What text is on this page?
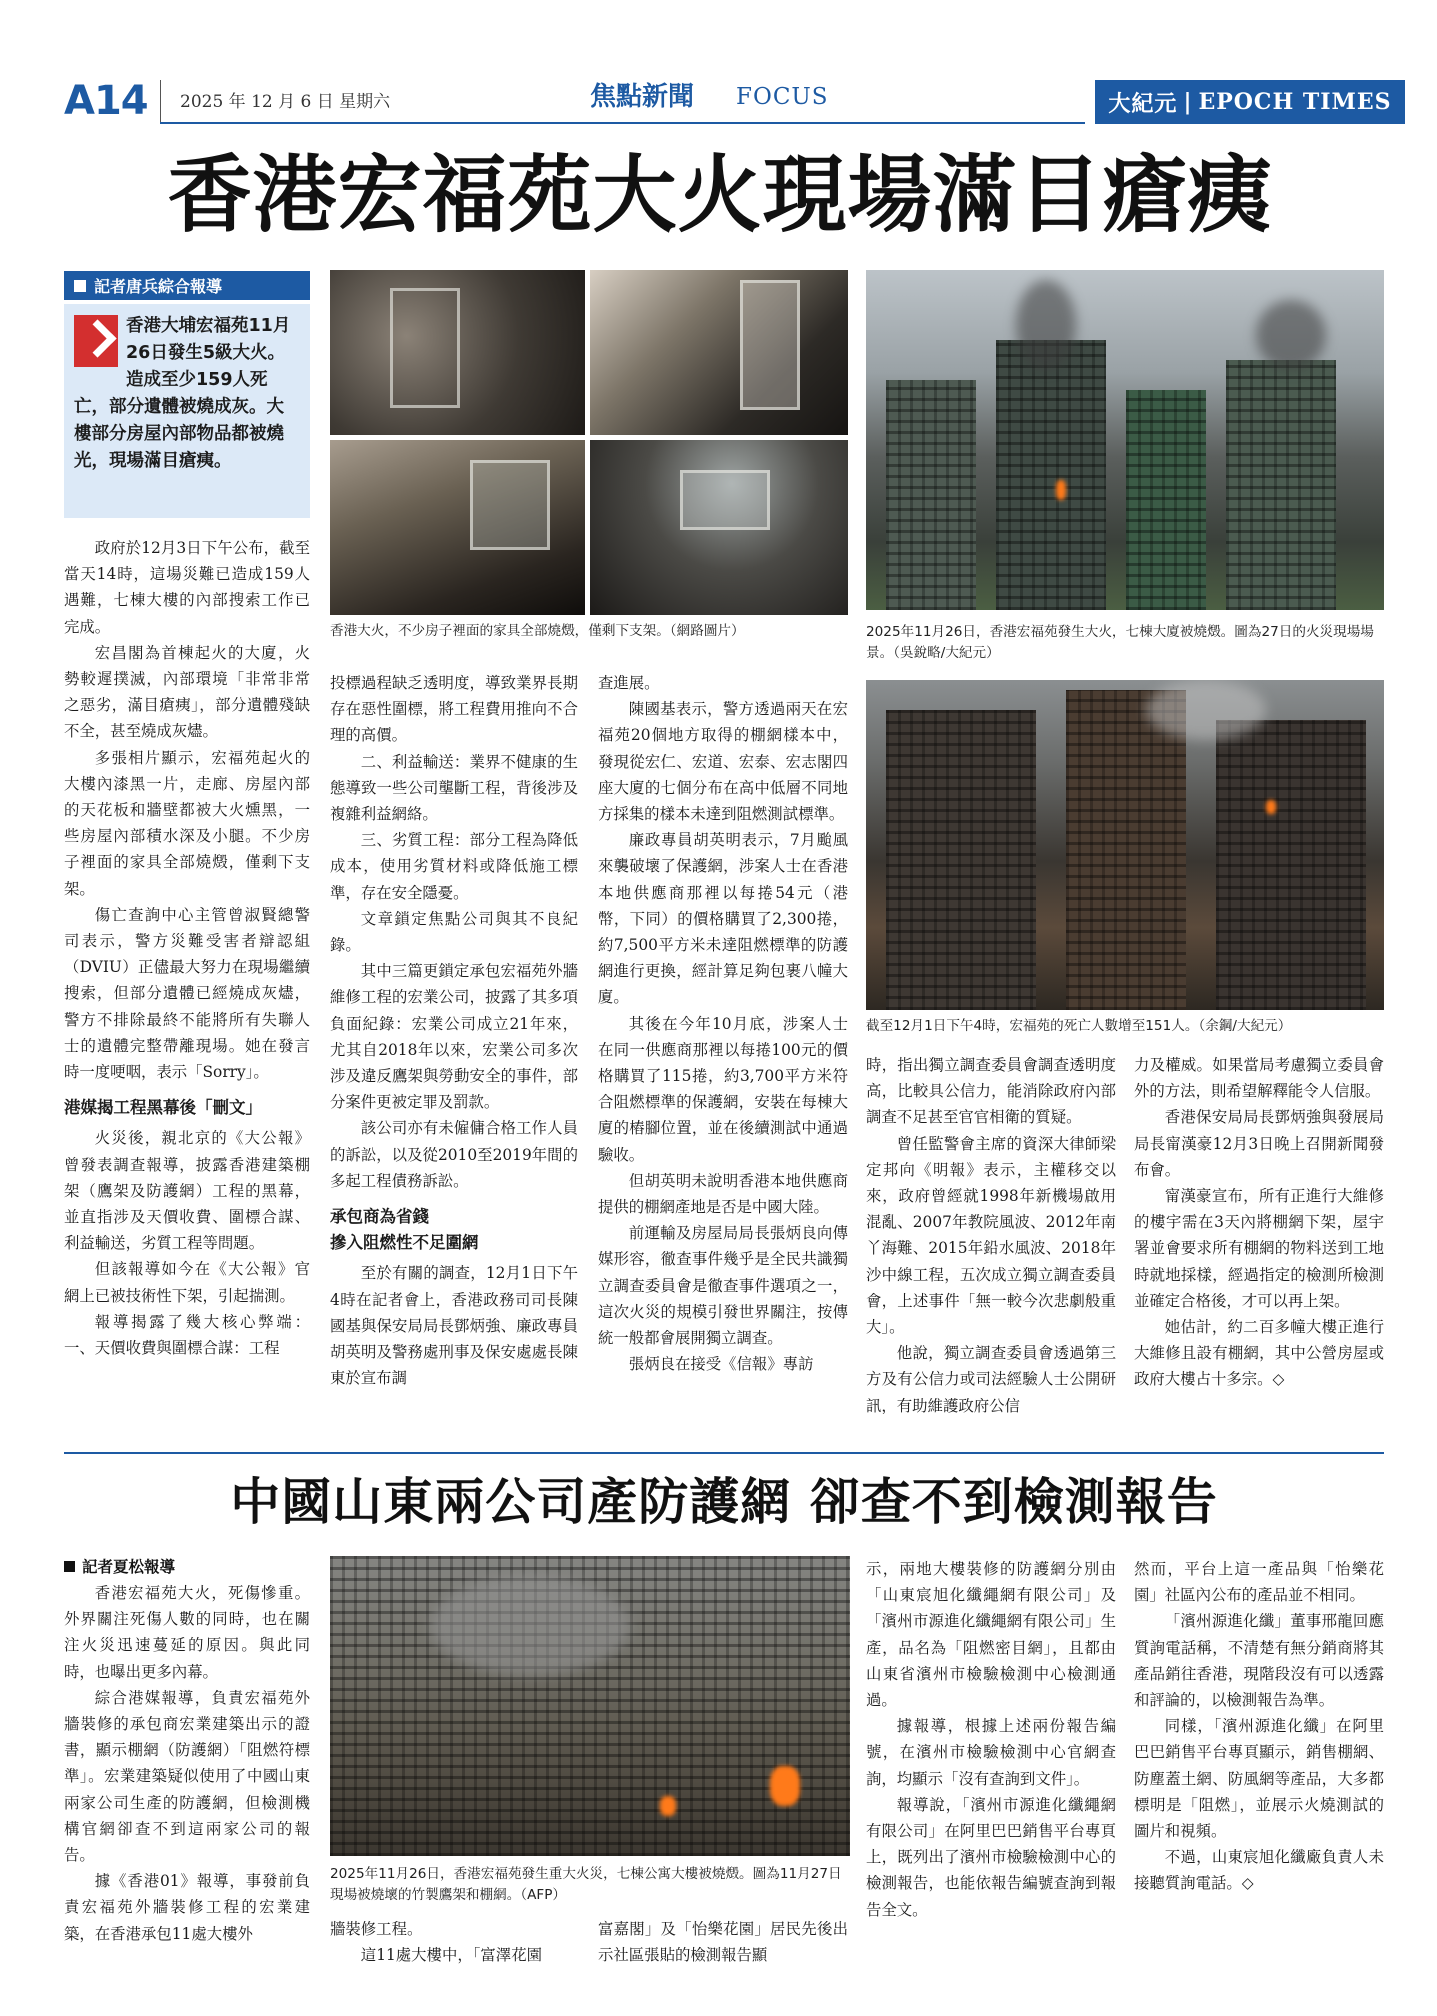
A14 2025 年 12 月 6 日 星期六	焦點新聞 FOCUS	大紀元 | EPOCH TIMES
香港宏福苑大火現場滿目瘡痍
記者唐兵綜合報導
香港大埔宏福苑11月26日發生5級大火。造成至少159人死亡，部分遺體被燒成灰。大樓部分房屋內部物品都被燒光，現場滿目瘡痍。

政府於12月3日下午公布，截至當天14時，這場災難已造成159人遇難，七棟大樓的內部搜索工作已完成。

宏昌閣為首棟起火的大廈，火勢較遲撲滅，內部環境「非常非常之惡劣，滿目瘡痍」，部分遺體殘缺不全，甚至燒成灰燼。

多張相片顯示，宏福苑起火的大樓內漆黑一片，走廊、房屋內部的天花板和牆壁都被大火燻黑，一些房屋內部積水深及小腿。不少房子裡面的家具全部燒燬，僅剩下支架。

傷亡查詢中心主管曾淑賢總警司表示，警方災難受害者辯認組（DVIU）正儘最大努力在現場繼續搜索，但部分遺體已經燒成灰燼，警方不排除最終不能將所有失聯人士的遺體完整帶離現場。她在發言時一度哽咽，表示「Sorry」。

港媒揭工程黑幕後「刪文」

火災後，親北京的《大公報》曾發表調查報導，披露香港建築棚架（鷹架及防護網）工程的黑幕，並直指涉及天價收費、圍標合謀、利益輸送，劣質工程等問題。

但該報導如今在《大公報》官網上已被技術性下架，引起揣測。

報導揭露了幾大核心弊端：一、天價收費與圍標合謀：工程

香港大火，不少房子裡面的家具全部燒燬，僅剩下支架。（網路圖片）

投標過程缺乏透明度，導致業界長期存在惡性圍標，將工程費用推向不合理的高價。

二、利益輸送：業界不健康的生態導致一些公司壟斷工程，背後涉及複雜利益網絡。

三、劣質工程：部分工程為降低成本，使用劣質材料或降低施工標準，存在安全隱憂。

文章鎖定焦點公司與其不良紀錄。

其中三篇更鎖定承包宏福苑外牆維修工程的宏業公司，披露了其多項負面紀錄：宏業公司成立21年來，尤其自2018年以來，宏業公司多次涉及違反鷹架與勞動安全的事件，部分案件更被定罪及罰款。

該公司亦有未僱傭合格工作人員的訴訟，以及從2010至2019年間的多起工程債務訴訟。

承包商為省錢

摻入阻燃性不足圍網

至於有關的調查，12月1日下午4時在記者會上，香港政務司司長陳國基與保安局局長鄧炳強、廉政專員胡英明及警務處刑事及保安處處長陳東於宣布調

查進展。

陳國基表示，警方透過兩天在宏福苑20個地方取得的棚網樣本中，發現從宏仁、宏道、宏泰、宏志閣四座大廈的七個分布在高中低層不同地方採集的樣本未達到阻燃測試標準。

廉政專員胡英明表示，7月颱風來襲破壞了保護網，涉案人士在香港本地供應商那裡以每捲54元（港幣，下同）的價格購買了2,300捲，約7,500平方米未達阻燃標準的防護網進行更換，經計算足夠包裹八幢大廈。

其後在今年10月底，涉案人士在同一供應商那裡以每捲100元的價格購買了115捲，約3,700平方米符合阻燃標準的保護網，安裝在每棟大廈的樁腳位置，並在後續測試中通過驗收。

但胡英明未說明香港本地供應商提供的棚網產地是否是中國大陸。

前運輸及房屋局局長張炳良向傳媒形容，徹查事件幾乎是全民共識獨立調查委員會是徹查事件選項之一，這次火災的規模引發世界關注，按傳統一般都會展開獨立調查。

張炳良在接受《信報》專訪

2025年11月26日，香港宏福苑發生大火，七棟大廈被燒燬。圖為27日的火災現場場景。（吳銳略/大紀元）
截至12月1日下午4時，宏福苑的死亡人數增至151人。（余鋼/大紀元）

時，指出獨立調查委員會調查透明度高，比較具公信力，能消除政府內部調查不足甚至官官相衛的質疑。

曾任監警會主席的資深大律師梁定邦向《明報》表示，主權移交以來，政府曾經就1998年新機場啟用混亂、2007年教院風波、2012年南丫海難、2015年鉛水風波、2018年沙中線工程，五次成立獨立調查委員會，上述事件「無一較今次悲劇般重大」。

他說，獨立調查委員會透過第三方及有公信力或司法經驗人士公開研訊，有助維護政府公信

力及權威。如果當局考慮獨立委員會外的方法，則希望解釋能令人信服。

香港保安局局長鄧炳強與發展局局長甯漢豪12月3日晚上召開新聞發布會。

甯漢豪宣布，所有正進行大維修的樓宇需在3天內將棚網下架，屋宇署並會要求所有棚網的物料送到工地時就地採樣，經過指定的檢測所檢測並確定合格後，才可以再上架。

她估計，約二百多幢大樓正進行大維修且設有棚網，其中公營房屋或政府大樓占十多宗。◇

中國山東兩公司產防護網 卻查不到檢測報告
記者夏松報導

香港宏福苑大火，死傷慘重。外界關注死傷人數的同時，也在關注火災迅速蔓延的原因。與此同時，也曝出更多內幕。

綜合港媒報導，負責宏福苑外牆裝修的承包商宏業建築出示的證書，顯示棚網（防護網）「阻燃符標準」。宏業建築疑似使用了中國山東兩家公司生產的防護網，但檢測機構官網卻查不到這兩家公司的報告。

據《香港01》報導，事發前負責宏福苑外牆裝修工程的宏業建築，在香港承包11處大樓外

2025年11月26日，香港宏福苑發生重大火災，七棟公寓大樓被燒燬。圖為11月27日現場被燒壞的竹製鷹架和棚網。（AFP）

牆裝修工程。

這11處大樓中，「富澤花園

富嘉閣」及「怡樂花園」居民先後出示社區張貼的檢測報告顯

示，兩地大樓裝修的防護網分別由「山東宸旭化纖繩網有限公司」及「濱州市源進化纖繩網有限公司」生產，品名為「阻燃密目網」，且都由山東省濱州市檢驗檢測中心檢測通過。

據報導，根據上述兩份報告編號，在濱州市檢驗檢測中心官網查詢，均顯示「沒有查詢到文件」。

報導說，「濱州市源進化纖繩網有限公司」在阿里巴巴銷售平台專頁上，既列出了濱州市檢驗檢測中心的檢測報告，也能依報告編號查詢到報告全文。

然而，平台上這一產品與「怡樂花園」社區內公布的產品並不相同。

「濱州源進化纖」董事邢龍回應質詢電話稱，不清楚有無分銷商將其產品銷往香港，現階段沒有可以透露和評論的，以檢測報告為準。

同樣，「濱州源進化纖」在阿里巴巴銷售平台專頁顯示，銷售棚網、防塵蓋土網、防風網等產品，大多都標明是「阻燃」，並展示火燒測試的圖片和視頻。

不過，山東宸旭化纖廠負責人未接聽質詢電話。◇
